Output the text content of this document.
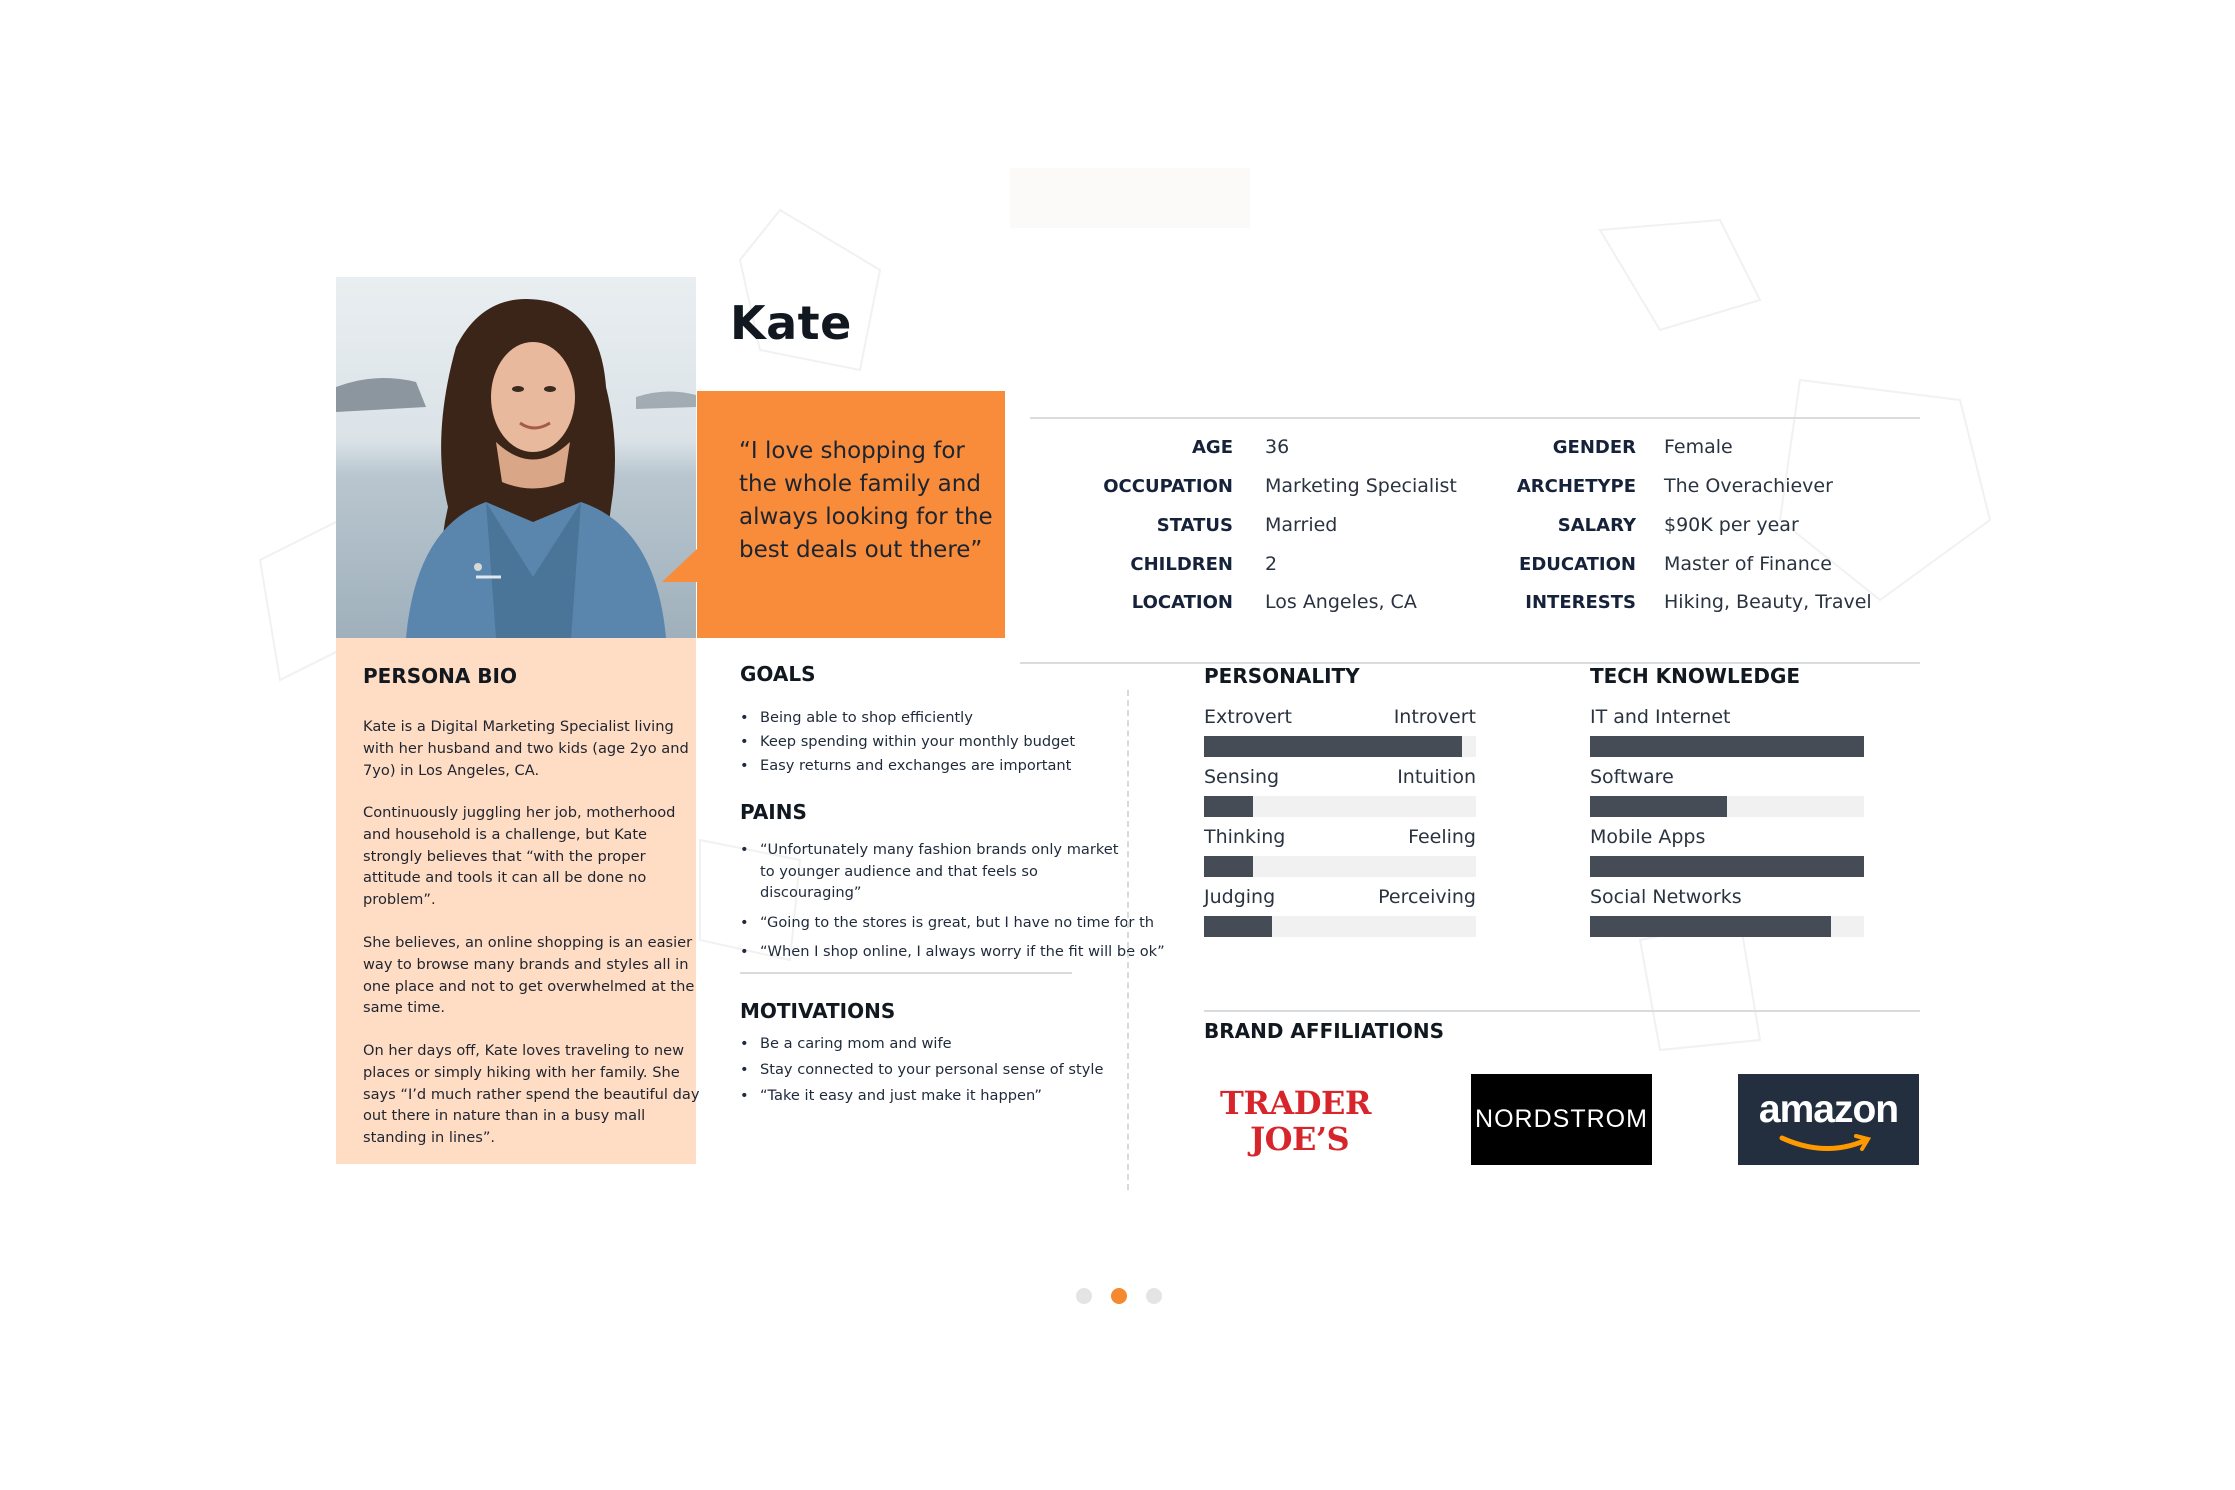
Kate
“I love shopping for the whole family and always looking for the best deals out there”
AGE 36
OCCUPATION Marketing Specialist
STATUS Married
CHILDREN 2
LOCATION Los Angeles, CA
GENDER Female
ARCHETYPE The Overachiever
SALARY $90K per year
EDUCATION Master of Finance
INTERESTS Hiking, Beauty, Travel
PERSONA BIO
Kate is a Digital Marketing Specialist living
with her husband and two kids (age 2yo and
7yo) in Los Angeles, CA.
Continuously juggling her job, motherhood
and household is a challenge, but Kate
strongly believes that “with the proper
attitude and tools it can all be done no
problem”.
She believes, an online shopping is an easier
way to browse many brands and styles all in
one place and not to get overwhelmed at the
same time.
On her days off, Kate loves traveling to new
places or simply hiking with her family. She
says “I’d much rather spend the beautiful day
out there in nature than in a busy mall
standing in lines”.
GOALS
• Being able to shop efficiently
• Keep spending within your monthly budget
• Easy returns and exchanges are important
PAINS
• “Unfortunately many fashion brands only market
to younger audience and that feels so
discouraging”
• “Going to the stores is great, but I have no time for th
• “When I shop online, I always worry if the fit will be ok”
MOTIVATIONS
• Be a caring mom and wife
• Stay connected to your personal sense of style
• “Take it easy and just make it happen”
PERSONALITY
Extrovert	Introvert
Sensing	Intuition
Thinking	Feeling
Judging	Perceiving
TECH KNOWLEDGE
IT and Internet
Software
Mobile Apps
Social Networks
BRAND AFFILIATIONS
TRADER
JOE’S
NORDSTROM	amazon
